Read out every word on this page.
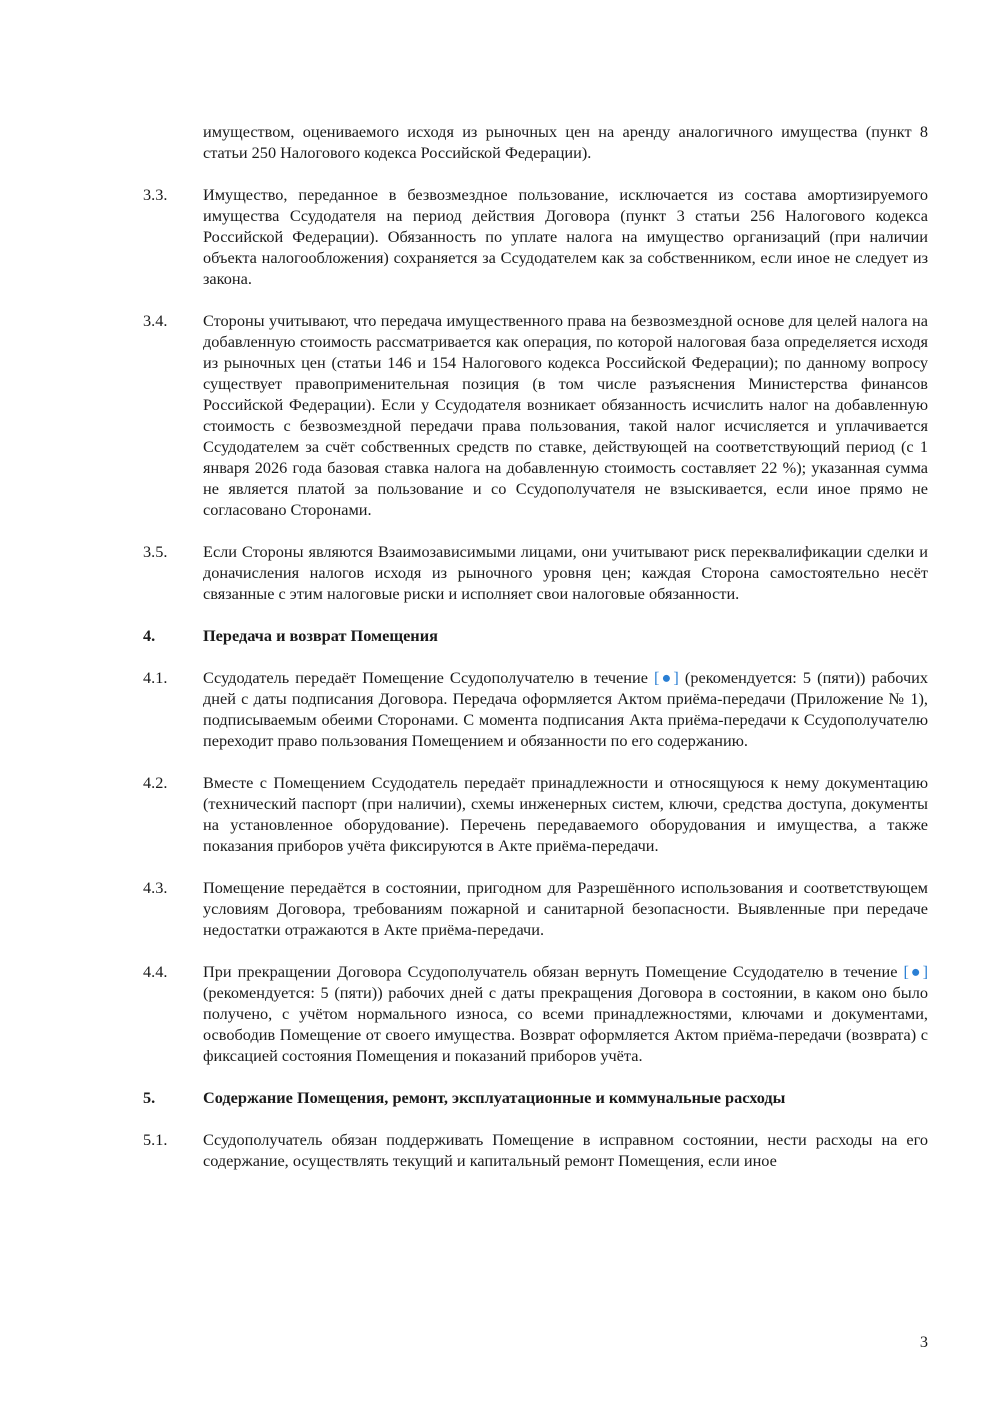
имуществом, оцениваемого исходя из рыночных цен на аренду аналогичного имущества (пункт 8 статьи 250 Налогового кодекса Российской Федерации).
3.3.	Имущество, переданное в безвозмездное пользование, исключается из состава амортизируемого имущества Ссудодателя на период действия Договора (пункт 3 статьи 256 Налогового кодекса Российской Федерации). Обязанность по уплате налога на имущество организаций (при наличии объекта налогообложения) сохраняется за Ссудодателем как за собственником, если иное не следует из закона.
3.4.	Стороны учитывают, что передача имущественного права на безвозмездной основе для целей налога на добавленную стоимость рассматривается как операция, по которой налоговая база определяется исходя из рыночных цен (статьи 146 и 154 Налогового кодекса Российской Федерации); по данному вопросу существует правоприменительная позиция (в том числе разъяснения Министерства финансов Российской Федерации). Если у Ссудодателя возникает обязанность исчислить налог на добавленную стоимость с безвозмездной передачи права пользования, такой налог исчисляется и уплачивается Ссудодателем за счёт собственных средств по ставке, действующей на соответствующий период (с 1 января 2026 года базовая ставка налога на добавленную стоимость составляет 22 %); указанная сумма не является платой за пользование и со Ссудополучателя не взыскивается, если иное прямо не согласовано Сторонами.
3.5.	Если Стороны являются Взаимозависимыми лицами, они учитывают риск переквалификации сделки и доначисления налогов исходя из рыночного уровня цен; каждая Сторона самостоятельно несёт связанные с этим налоговые риски и исполняет свои налоговые обязанности.
4.	Передача и возврат Помещения
4.1.	Ссудодатель передаёт Помещение Ссудополучателю в течение [●] (рекомендуется: 5 (пяти)) рабочих дней с даты подписания Договора. Передача оформляется Актом приёма-передачи (Приложение № 1), подписываемым обеими Сторонами. С момента подписания Акта приёма-передачи к Ссудополучателю переходит право пользования Помещением и обязанности по его содержанию.
4.2.	Вместе с Помещением Ссудодатель передаёт принадлежности и относящуюся к нему документацию (технический паспорт (при наличии), схемы инженерных систем, ключи, средства доступа, документы на установленное оборудование). Перечень передаваемого оборудования и имущества, а также показания приборов учёта фиксируются в Акте приёма-передачи.
4.3.	Помещение передаётся в состоянии, пригодном для Разрешённого использования и соответствующем условиям Договора, требованиям пожарной и санитарной безопасности. Выявленные при передаче недостатки отражаются в Акте приёма-передачи.
4.4.	При прекращении Договора Ссудополучатель обязан вернуть Помещение Ссудодателю в течение [●] (рекомендуется: 5 (пяти)) рабочих дней с даты прекращения Договора в состоянии, в каком оно было получено, с учётом нормального износа, со всеми принадлежностями, ключами и документами, освободив Помещение от своего имущества. Возврат оформляется Актом приёма-передачи (возврата) с фиксацией состояния Помещения и показаний приборов учёта.
5.	Содержание Помещения, ремонт, эксплуатационные и коммунальные расходы
5.1.	Ссудополучатель обязан поддерживать Помещение в исправном состоянии, нести расходы на его содержание, осуществлять текущий и капитальный ремонт Помещения, если иное
3
